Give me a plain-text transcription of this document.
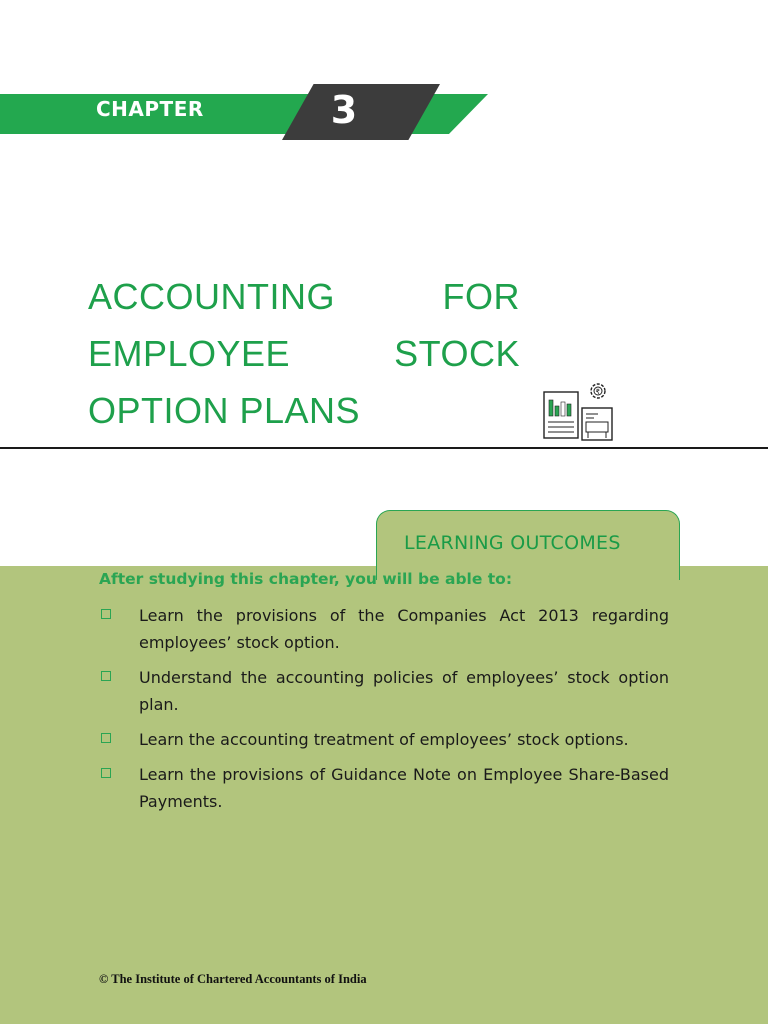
CHAPTER	3
ACCOUNTING	FOR
EMPLOYEE	STOCK
OPTION PLANS	₹
LEARNING OUTCOMES
After studying this chapter, you will be able to:
Learn the provisions of the Companies Act 2013 regarding employees’ stock option.
Understand the accounting policies of employees’ stock option plan.
Learn the accounting treatment of employees’ stock options.
Learn the provisions of Guidance Note on Employee Share-Based Payments.
© The Institute of Chartered Accountants of India
